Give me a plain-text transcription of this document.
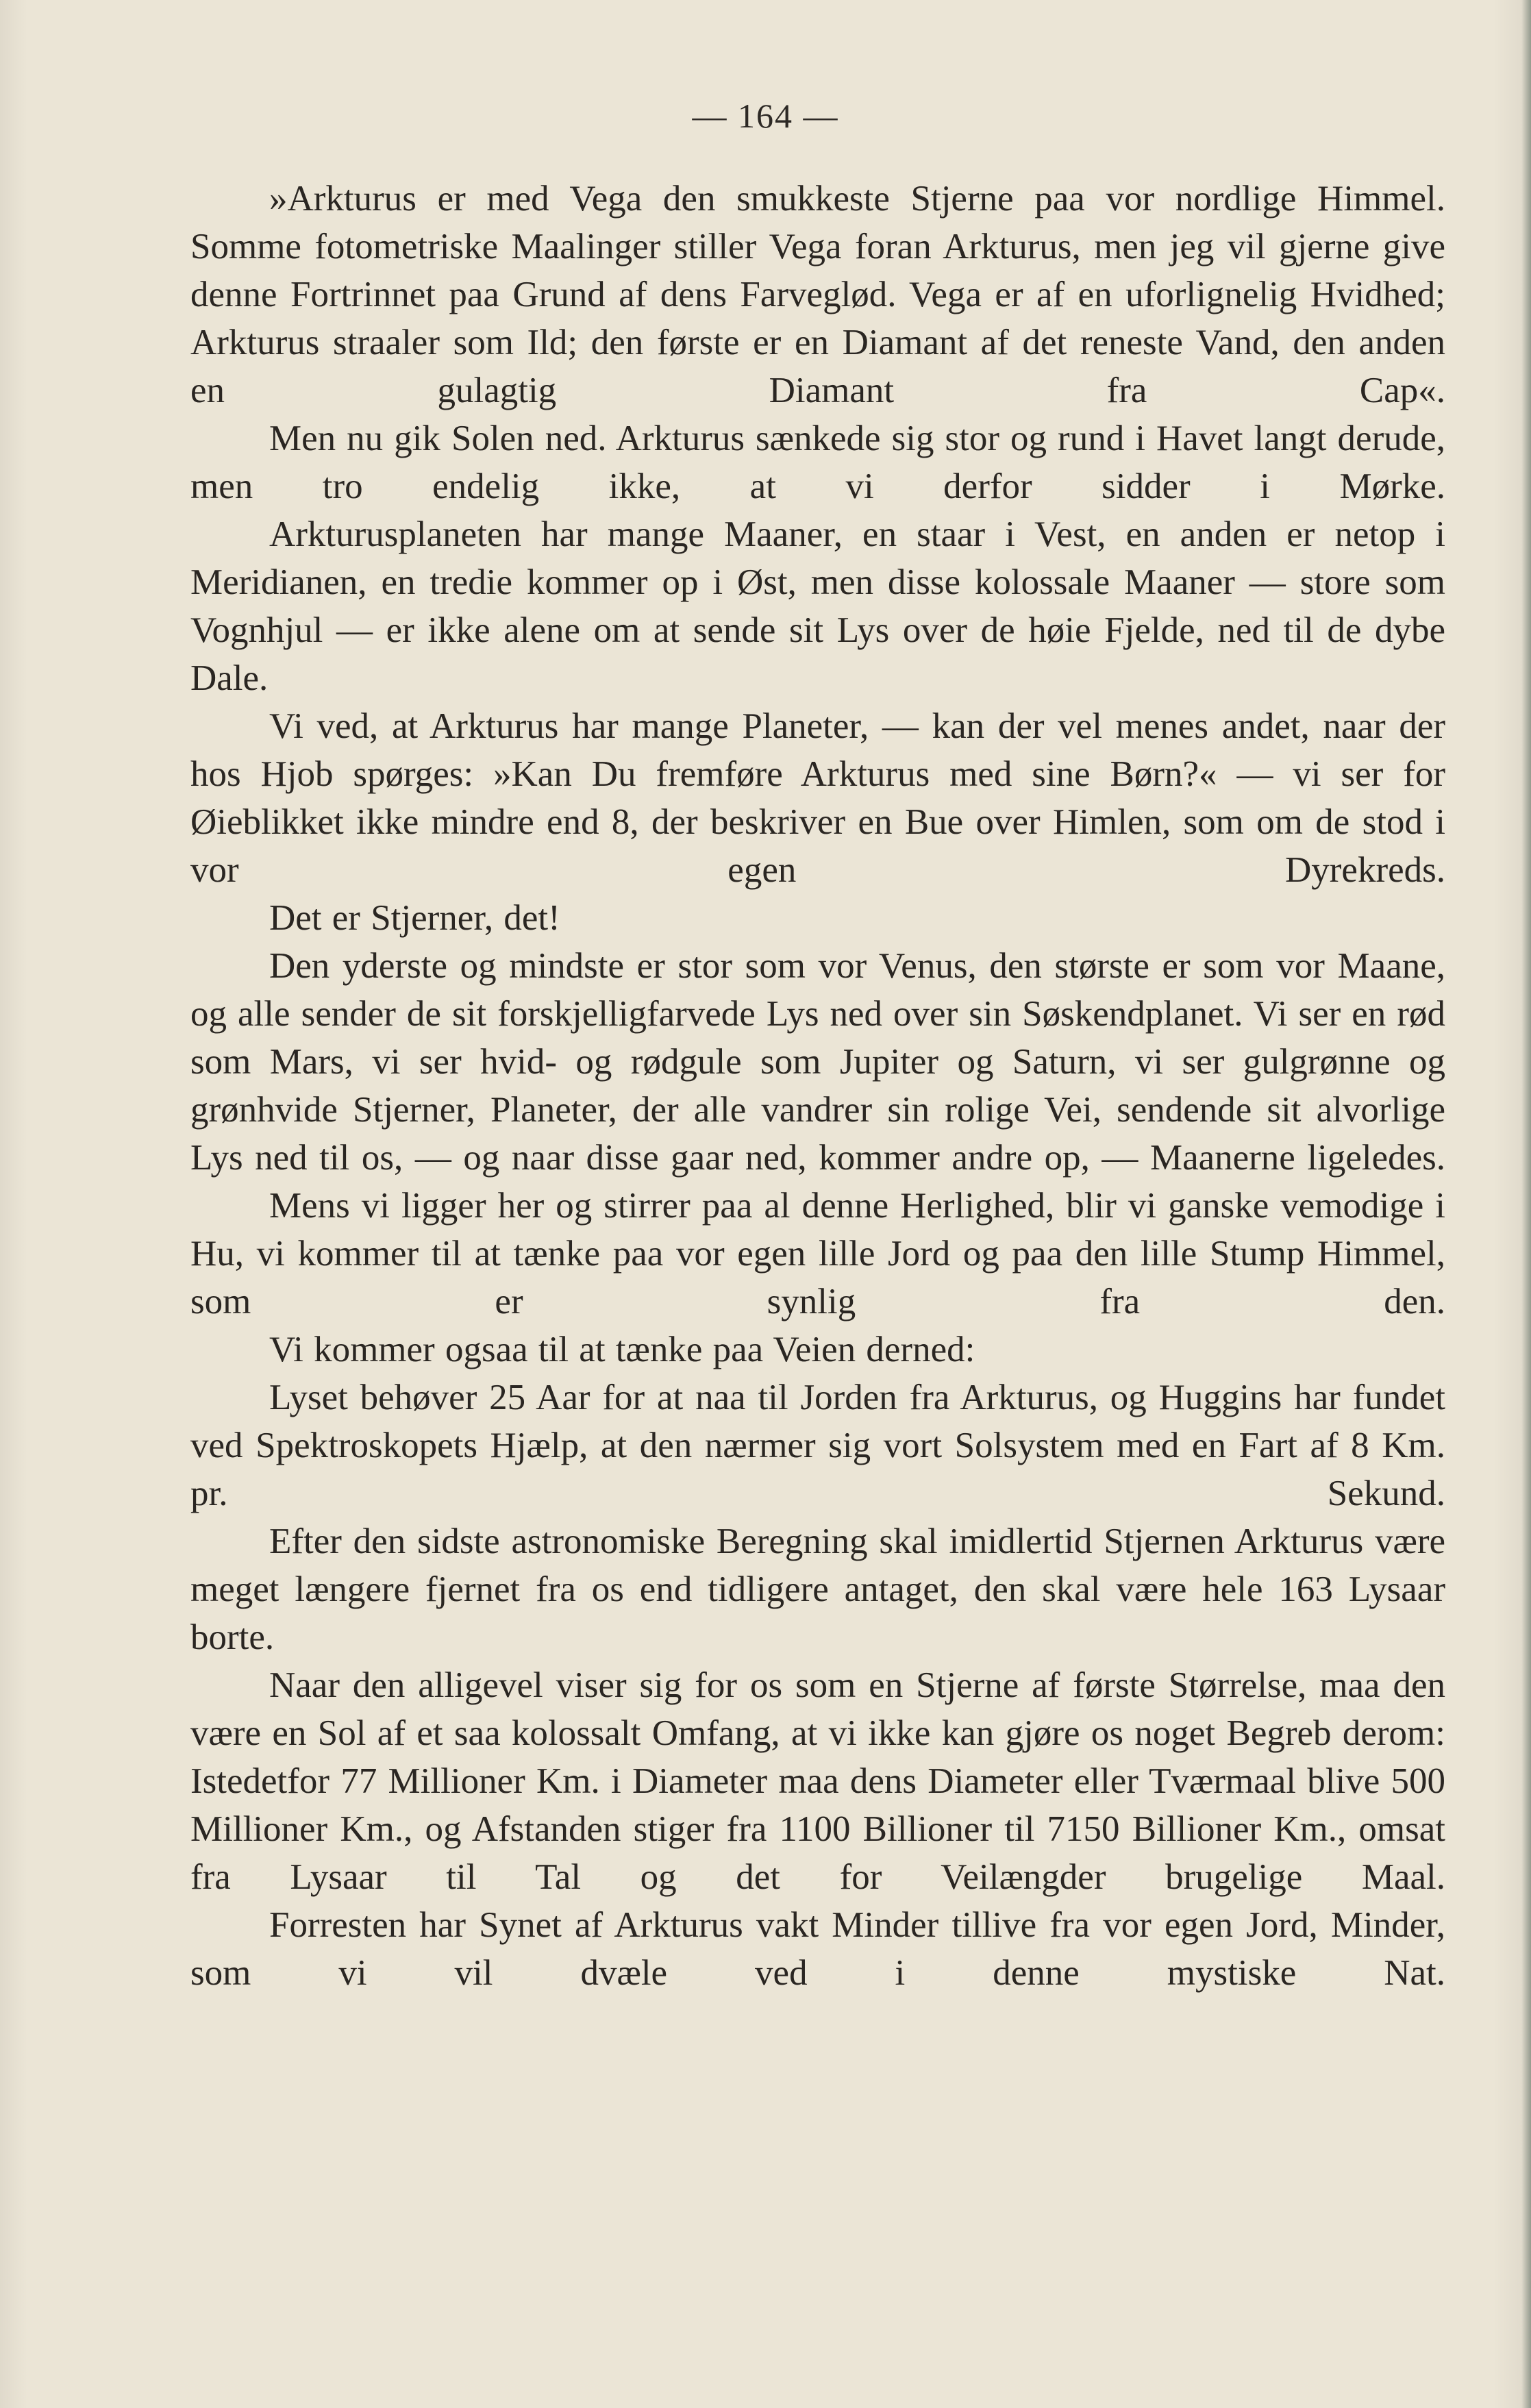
— 164 —

»Arkturus er med Vega den smukkeste Stjerne paa vor nordlige Himmel. Somme fotometriske Maalinger stiller Vega foran Arkturus, men jeg vil gjerne give denne Fortrinnet paa Grund af dens Farveglød. Vega er af en uforlignelig Hvidhed; Arkturus straaler som Ild; den første er en Diamant af det reneste Vand, den anden en gulagtig Diamant fra Cap«.

Men nu gik Solen ned. Arkturus sænkede sig stor og rund i Havet langt derude, men tro endelig ikke, at vi derfor sidder i Mørke.

Arkturusplaneten har mange Maaner, en staar i Vest, en anden er netop i Meridianen, en tredie kommer op i Øst, men disse kolossale Maaner — store som Vognhjul — er ikke alene om at sende sit Lys over de høie Fjelde, ned til de dybe Dale.

Vi ved, at Arkturus har mange Planeter, — kan der vel menes andet, naar der hos Hjob spørges: »Kan Du fremføre Arkturus med sine Børn?« — vi ser for Øieblikket ikke mindre end 8, der beskriver en Bue over Himlen, som om de stod i vor egen Dyrekreds.

Det er Stjerner, det!

Den yderste og mindste er stor som vor Venus, den største er som vor Maane, og alle sender de sit forskjelligfarvede Lys ned over sin Søskendplanet. Vi ser en rød som Mars, vi ser hvid- og rødgule som Jupiter og Saturn, vi ser gulgrønne og grønhvide Stjerner, Planeter, der alle vandrer sin rolige Vei, sendende sit alvorlige Lys ned til os, — og naar disse gaar ned, kommer andre op, — Maanerne ligeledes.

Mens vi ligger her og stirrer paa al denne Herlighed, blir vi ganske vemodige i Hu, vi kommer til at tænke paa vor egen lille Jord og paa den lille Stump Himmel, som er synlig fra den.

Vi kommer ogsaa til at tænke paa Veien derned:

Lyset behøver 25 Aar for at naa til Jorden fra Arkturus, og Huggins har fundet ved Spektroskopets Hjælp, at den nærmer sig vort Solsystem med en Fart af 8 Km. pr. Sekund.

Efter den sidste astronomiske Beregning skal imidlertid Stjernen Arkturus være meget længere fjernet fra os end tidligere antaget, den skal være hele 163 Lysaar borte.

Naar den alligevel viser sig for os som en Stjerne af første Størrelse, maa den være en Sol af et saa kolossalt Omfang, at vi ikke kan gjøre os noget Begreb derom: Istedetfor 77 Millioner Km. i Diameter maa dens Diameter eller Tværmaal blive 500 Millioner Km., og Afstanden stiger fra 1100 Billioner til 7150 Billioner Km., omsat fra Lysaar til Tal og det for Veilængder brugelige Maal.

Forresten har Synet af Arkturus vakt Minder tillive fra vor egen Jord, Minder, som vi vil dvæle ved i denne mystiske Nat.
